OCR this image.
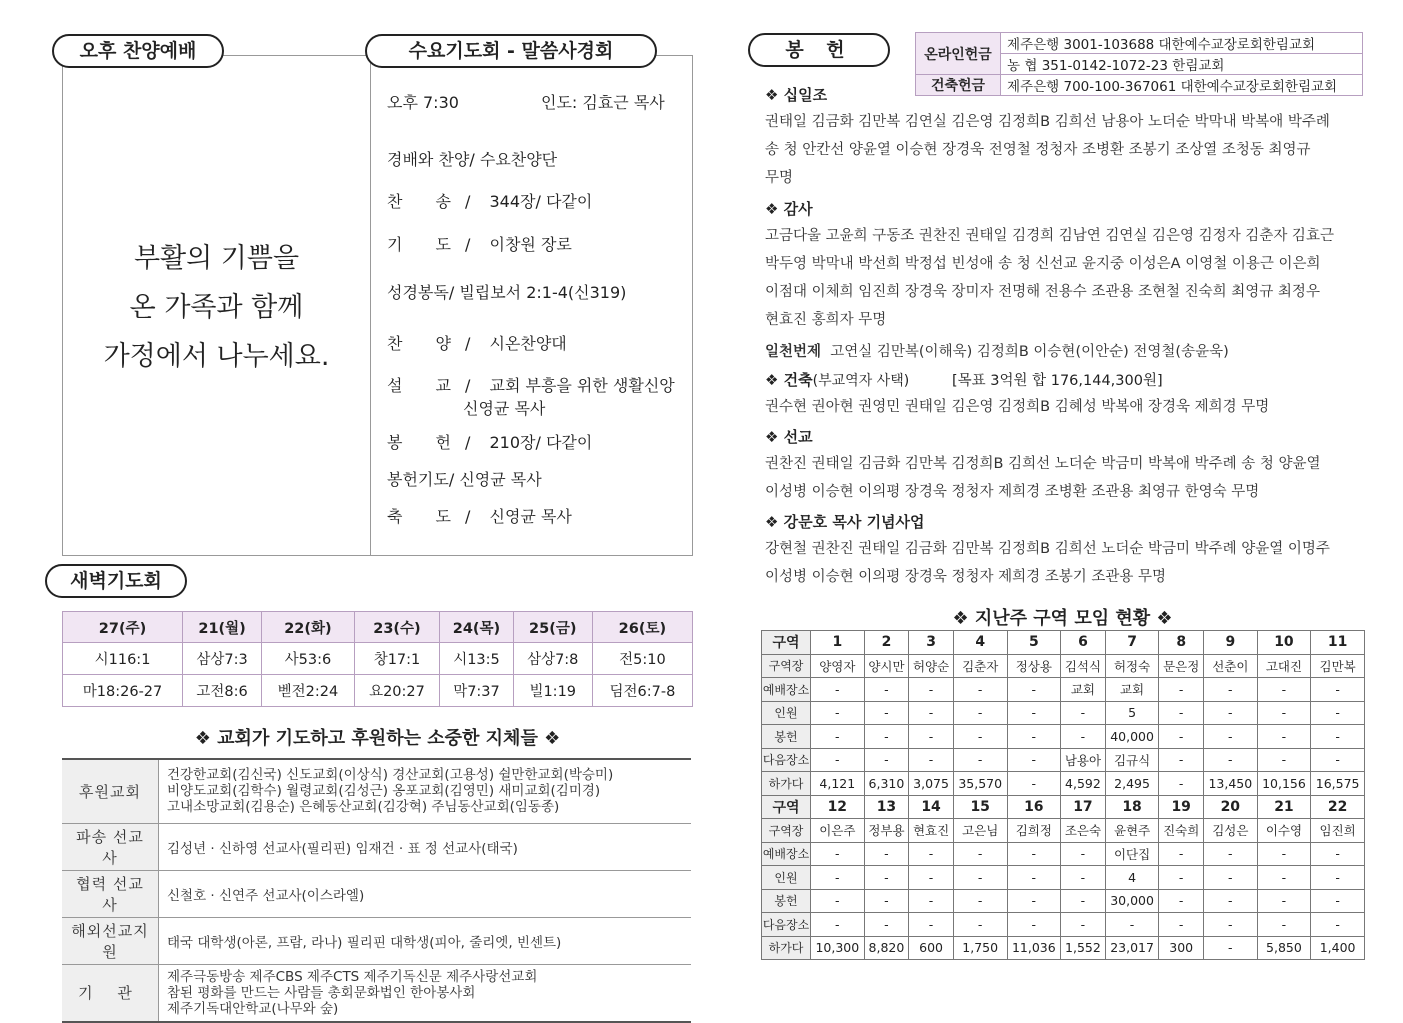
오후 찬양예배
부활의 기쁨을
온 가족과 함께
가정에서 나누세요.
수요기도회 - 말씀사경회
오후 7:30	인도: 김효근 목사
경배와 찬양/ 수요찬양단
찬 송/ 344장/ 다같이
기 도/ 이창원 장로
성경봉독/ 빌립보서 2:1-4(신319)
찬 양/ 시온찬양대
설 교/ 교회 부흥을 위한 생활신앙
신영균 목사
봉 헌/ 210장/ 다같이
봉헌기도/ 신영균 목사
축 도/ 신영균 목사
새벽기도회
27(주)	21(월)	22(화)	23(수)	24(목)	25(금)	26(토)
시116:1	삼상7:3	사53:6	창17:1	시13:5	삼상7:8	전5:10
마18:26-27	고전8:6	벧전2:24	요20:27	막7:37	빌1:19	딤전6:7-8
❖ 교회가 기도하고 후원하는 소중한 지체들 ❖
후원교회	건강한교회(김신국) 신도교회(이상식) 경산교회(고용성) 쉴만한교회(박승미)
비양도교회(김학수) 월령교회(김성근) 옹포교회(김영민) 새미교회(김미경)
고내소망교회(김용순) 은혜동산교회(김강혁) 주님동산교회(임동종)

파송 선교사	김성년 · 신하영 선교사(필리핀) 임재건 · 표 정 선교사(태국)
협력 선교사	신철호 · 신연주 선교사(이스라엘)
해외선교지원	태국 대학생(아론, 프람, 라나) 필리핀 대학생(피아, 줄리엣, 빈센트)
기 관	제주극동방송 제주CBS 제주CTS 제주기독신문 제주사랑선교회
참된 평화를 만드는 사람들 총회문화법인 한아봉사회
제주기독대안학교(나무와 숲)
봉 헌	온라인헌금	제주은행 3001-103688 대한예수교장로회한림교회
	농 협 351-0142-1072-23 한림교회
건축헌금	제주은행 700-100-367061 대한예수교장로회한림교회
❖ 십일조
권태일 김금화 김만복 김연실 김은영 김정희B 김희선 남용아 노더순 박막내 박복애 박주례
송 청 안칸선 양윤열 이승현 장경욱 전영철 정청자 조병환 조봉기 조상열 조청동 최영규
무명
❖ 감사
고금다울 고윤희 구동조 권찬진 권태일 김경희 김남연 김연실 김은영 김정자 김춘자 김효근
박두영 박막내 박선희 박정섭 빈성애 송 청 신선교 윤지중 이성은A 이영철 이용근 이은희
이점대 이체희 임진희 장경욱 장미자 전명해 전용수 조관용 조현철 진숙희 최영규 최정우
현효진 홍희자 무명
일천번제 고연실 김만복(이해욱) 김정희B 이승현(이안순) 전영철(송윤욱)
❖ 건축(부교역자 사택)	[목표 3억원 합 176,144,300원]
권수현 권아현 권영민 권태일 김은영 김정희B 김혜성 박복애 장경욱 제희경 무명
❖ 선교
권찬진 권태일 김금화 김만복 김정희B 김희선 노더순 박금미 박복애 박주례 송 청 양윤열
이성병 이승현 이의평 장경욱 정청자 제희경 조병환 조관용 최영규 한영숙 무명
❖ 강문호 목사 기념사업
강현철 권찬진 권태일 김금화 김만복 김정희B 김희선 노더순 박금미 박주례 양윤열 이명주
이성병 이승현 이의평 장경욱 정청자 제희경 조봉기 조관용 무명
❖ 지난주 구역 모임 현황 ❖
구역	1	2	3	4	5	6	7	8	9	10	11
구역장	양영자	양시만	허양순	김춘자	정상용	김석식	허정숙	문은정	선춘이	고대진	김만복
예배장소	-	-	-	-	-	교회	교회	-	-	-	-
인원	-	-	-	-	-	-	5	-	-	-	-
봉헌	-	-	-	-	-	-	40,000	-	-	-	-
다음장소	-	-	-	-	-	남용아	김규식	-	-	-	-
하가다	4,121	6,310	3,075	35,570	-	4,592	2,495	-	13,450	10,156	16,575
구역	12	13	14	15	16	17	18	19	20	21	22
구역장	이은주	정부용	현효진	고은님	김희정	조은숙	윤현주	진숙희	김성은	이수영	임진희
예배장소	-	-	-	-	-	-	이단집	-	-	-	-
인원	-	-	-	-	-	-	4	-	-	-	-
봉헌	-	-	-	-	-	-	30,000	-	-	-	-
다음장소	-	-	-	-	-	-	-	-	-	-	-
하가다	10,300	8,820	600	1,750	11,036	1,552	23,017	300	-	5,850	1,400
